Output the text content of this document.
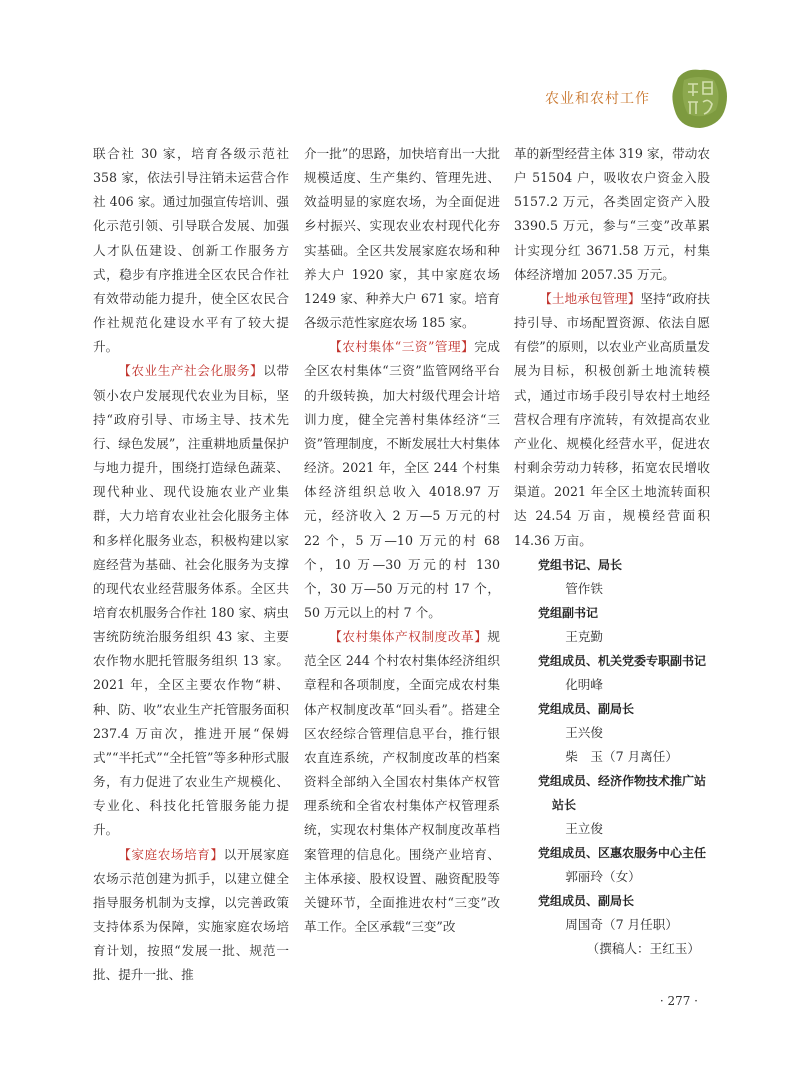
农业和农村工作

联合社 30 家，培育各级示范社 358 家，依法引导注销未运营合作社 406 家。通过加强宣传培训、强化示范引领、引导联合发展、加强人才队伍建设、创新工作服务方式，稳步有序推进全区农民合作社有效带动能力提升，使全区农民合作社规范化建设水平有了较大提升。

【农业生产社会化服务】以带领小农户发展现代农业为目标，坚持“政府引导、市场主导、技术先行、绿色发展”，注重耕地质量保护与地力提升，围绕打造绿色蔬菜、现代种业、现代设施农业产业集群，大力培育农业社会化服务主体和多样化服务业态，积极构建以家庭经营为基础、社会化服务为支撑的现代农业经营服务体系。全区共培育农机服务合作社 180 家、病虫害统防统治服务组织 43 家、主要农作物水肥托管服务组织 13 家。2021 年，全区主要农作物“耕、种、防、收”农业生产托管服务面积 237.4 万亩次，推进开展“保姆式”“半托式”“全托管”等多种形式服务，有力促进了农业生产规模化、专业化、科技化托管服务能力提升。

【家庭农场培育】以开展家庭农场示范创建为抓手，以建立健全指导服务机制为支撑，以完善政策支持体系为保障，实施家庭农场培育计划，按照“发展一批、规范一批、提升一批、推

介一批”的思路，加快培育出一大批规模适度、生产集约、管理先进、效益明显的家庭农场，为全面促进乡村振兴、实现农业农村现代化夯实基础。全区共发展家庭农场和种养大户 1920 家，其中家庭农场 1249 家、种养大户 671 家。培育各级示范性家庭农场 185 家。

【农村集体“三资”管理】完成全区农村集体“三资”监管网络平台的升级转换，加大村级代理会计培训力度，健全完善村集体经济“三资”管理制度，不断发展壮大村集体经济。2021 年，全区 244 个村集体经济组织总收入 4018.97 万元，经济收入 2 万—5 万元的村 22 个，5 万—10 万元的村 68 个，10 万—30 万元的村 130 个，30 万—50 万元的村 17 个，50 万元以上的村 7 个。

【农村集体产权制度改革】规范全区 244 个村农村集体经济组织章程和各项制度，全面完成农村集体产权制度改革“回头看”。搭建全区农经综合管理信息平台，推行银农直连系统，产权制度改革的档案资料全部纳入全国农村集体产权管理系统和全省农村集体产权管理系统，实现农村集体产权制度改革档案管理的信息化。围绕产业培育、主体承接、股权设置、融资配股等关键环节，全面推进农村“三变”改革工作。全区承载“三变”改

革的新型经营主体 319 家，带动农户 51504 户，吸收农户资金入股 5157.2 万元，各类固定资产入股 3390.5 万元，参与“三变”改革累计实现分红 3671.58 万元，村集体经济增加 2057.35 万元。

【土地承包管理】坚持“政府扶持引导、市场配置资源、依法自愿有偿”的原则，以农业产业高质量发展为目标，积极创新土地流转模式，通过市场手段引导农村土地经营权合理有序流转，有效提高农业产业化、规模化经营水平，促进农村剩余劳动力转移，拓宽农民增收渠道。2021 年全区土地流转面积达 24.54 万亩，规模经营面积 14.36 万亩。

党组书记、局长

管作铁

党组副书记

王克勤

党组成员、机关党委专职副书记

化明峰

党组成员、副局长

王兴俊

柴　玉（7 月离任）

党组成员、经济作物技术推广站

站长

王立俊

党组成员、区惠农服务中心主任

郭丽玲（女）

党组成员、副局长

周国奇（7 月任职）

（撰稿人：王红玉）

· 277 ·
